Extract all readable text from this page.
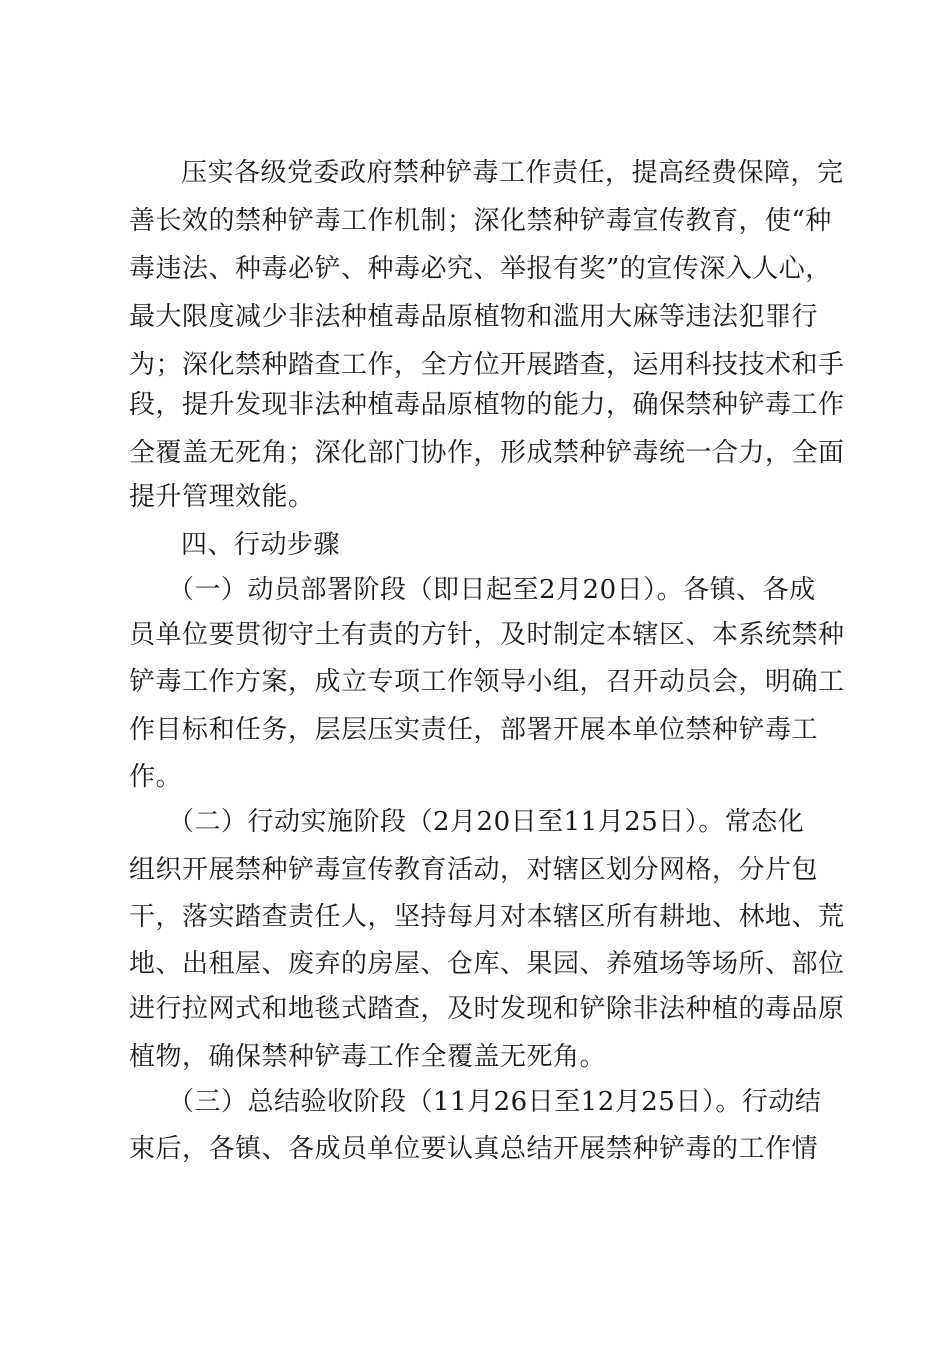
压实各级党委政府禁种铲毒工作责任，提高经费保障，完
善长效的禁种铲毒工作机制；深化禁种铲毒宣传教育，使“种
毒违法、种毒必铲、种毒必究、举报有奖”的宣传深入人心，
最大限度减少非法种植毒品原植物和滥用大麻等违法犯罪行
为；深化禁种踏查工作，全方位开展踏查，运用科技技术和手
段，提升发现非法种植毒品原植物的能力，确保禁种铲毒工作
全覆盖无死角；深化部门协作，形成禁种铲毒统一合力，全面
提升管理效能。
四、行动步骤
（一）动员部署阶段（即日起至2月20日）。各镇、各成
员单位要贯彻守土有责的方针，及时制定本辖区、本系统禁种
铲毒工作方案，成立专项工作领导小组，召开动员会，明确工
作目标和任务，层层压实责任，部署开展本单位禁种铲毒工
作。
（二）行动实施阶段（2月20日至11月25日）。常态化
组织开展禁种铲毒宣传教育活动，对辖区划分网格，分片包
干，落实踏查责任人，坚持每月对本辖区所有耕地、林地、荒
地、出租屋、废弃的房屋、仓库、果园、养殖场等场所、部位
进行拉网式和地毯式踏查，及时发现和铲除非法种植的毒品原
植物，确保禁种铲毒工作全覆盖无死角。
（三）总结验收阶段（11月26日至12月25日）。行动结
束后，各镇、各成员单位要认真总结开展禁种铲毒的工作情
